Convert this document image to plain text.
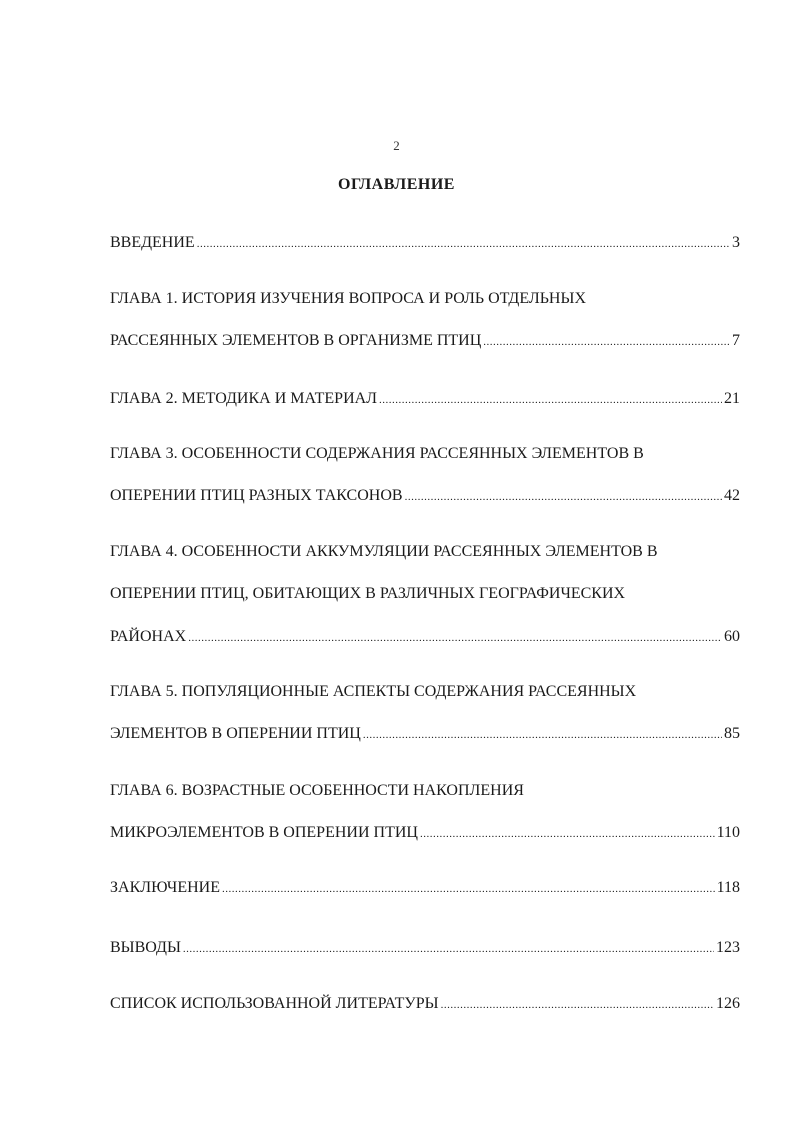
2
ОГЛАВЛЕНИЕ
ВВЕДЕНИЕ .....	3
ГЛАВА 1. ИСТОРИЯ ИЗУЧЕНИЯ ВОПРОСА И РОЛЬ ОТДЕЛЬНЫХ
РАССЕЯННЫХ ЭЛЕМЕНТОВ В ОРГАНИЗМЕ ПТИЦ .....	7
ГЛАВА 2. МЕТОДИКА И МАТЕРИАЛ .....	21
ГЛАВА 3. ОСОБЕННОСТИ СОДЕРЖАНИЯ РАССЕЯННЫХ ЭЛЕМЕНТОВ В
ОПЕРЕНИИ ПТИЦ РАЗНЫХ ТАКСОНОВ .....	42
ГЛАВА 4. ОСОБЕННОСТИ АККУМУЛЯЦИИ РАССЕЯННЫХ ЭЛЕМЕНТОВ В
ОПЕРЕНИИ ПТИЦ, ОБИТАЮЩИХ В РАЗЛИЧНЫХ ГЕОГРАФИЧЕСКИХ
РАЙОНАХ .....	60
ГЛАВА 5. ПОПУЛЯЦИОННЫЕ АСПЕКТЫ СОДЕРЖАНИЯ РАССЕЯННЫХ
ЭЛЕМЕНТОВ В ОПЕРЕНИИ ПТИЦ .....	85
ГЛАВА 6. ВОЗРАСТНЫЕ ОСОБЕННОСТИ НАКОПЛЕНИЯ
МИКРОЭЛЕМЕНТОВ В ОПЕРЕНИИ ПТИЦ .....	110
ЗАКЛЮЧЕНИЕ .....	118
ВЫВОДЫ .....	123
СПИСОК ИСПОЛЬЗОВАННОЙ ЛИТЕРАТУРЫ .....	126
